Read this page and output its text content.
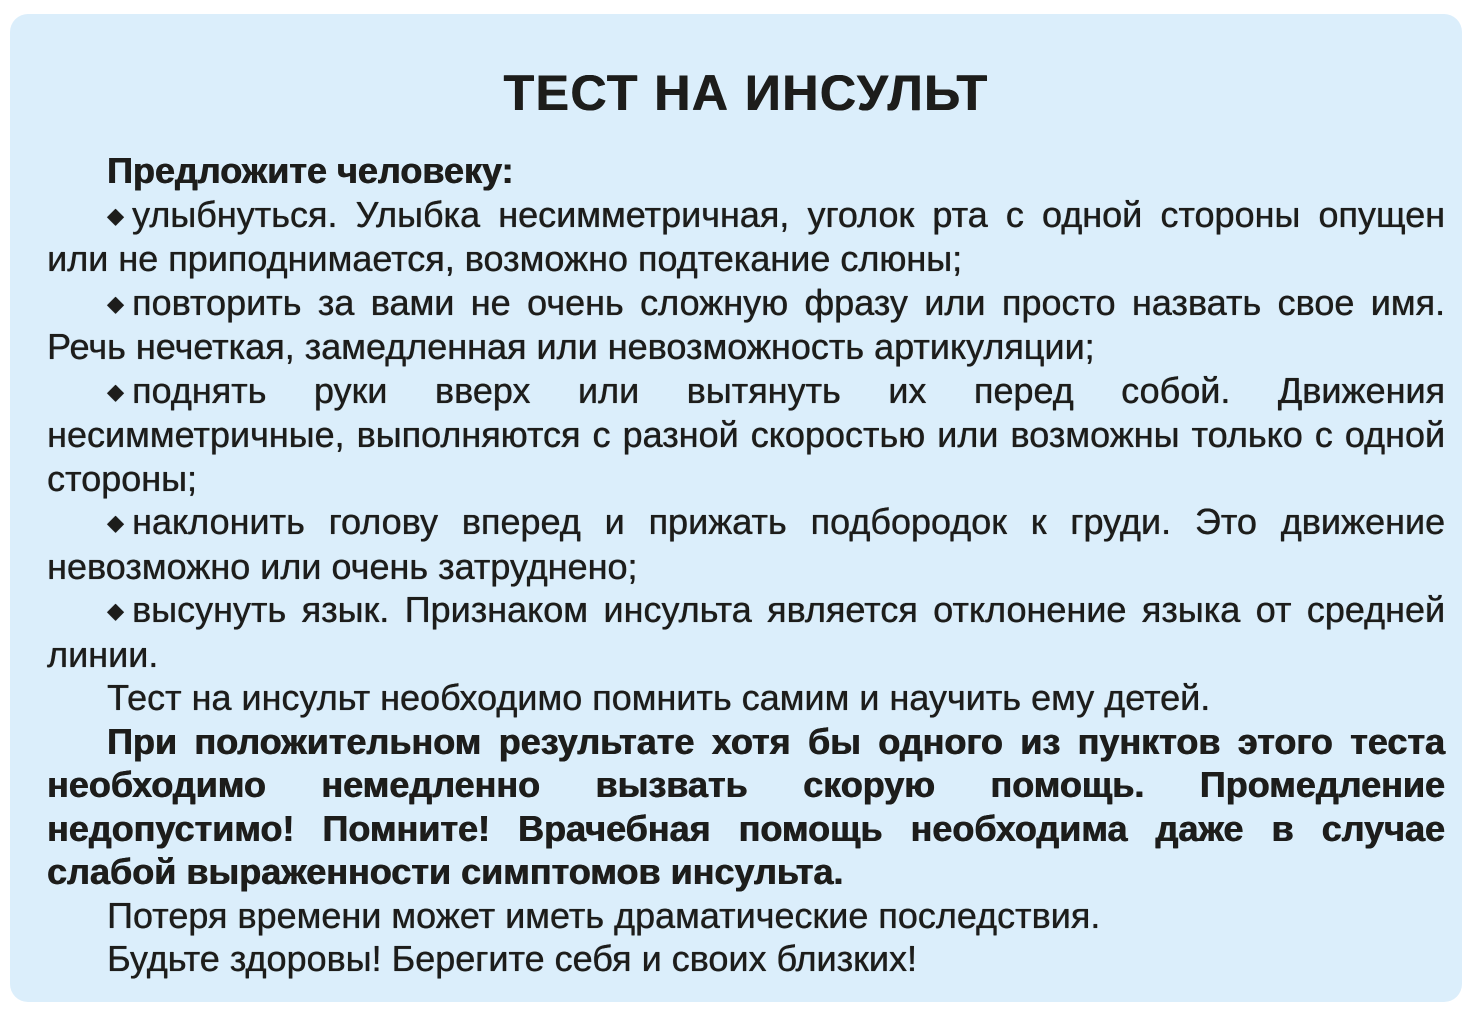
ТЕСТ НА ИНСУЛЬТ

Предложите человеку:

◆ улыбнуться. Улыбка несимметричная, уголок рта с одной стороны опущен или не приподнимается, возможно подтекание слюны;

◆ повторить за вами не очень сложную фразу или просто назвать свое имя. Речь нечеткая, замедленная или невозможность артикуляции;

◆ поднять руки вверх или вытянуть их перед собой. Движения несимметричные, выполняются с разной скоростью или возможны только с одной стороны;

◆ наклонить голову вперед и прижать подбородок к груди. Это движение невозможно или очень затруднено;

◆ высунуть язык. Признаком инсульта является отклонение языка от средней линии.

Тест на инсульт необходимо помнить самим и научить ему детей.

При положительном результате хотя бы одного из пунктов этого теста необходимо немедленно вызвать скорую помощь. Промедление недопустимо! Помните! Врачебная помощь необходима даже в случае слабой выраженности симптомов инсульта.

Потеря времени может иметь драматические последствия.

Будьте здоровы! Берегите себя и своих близких!
